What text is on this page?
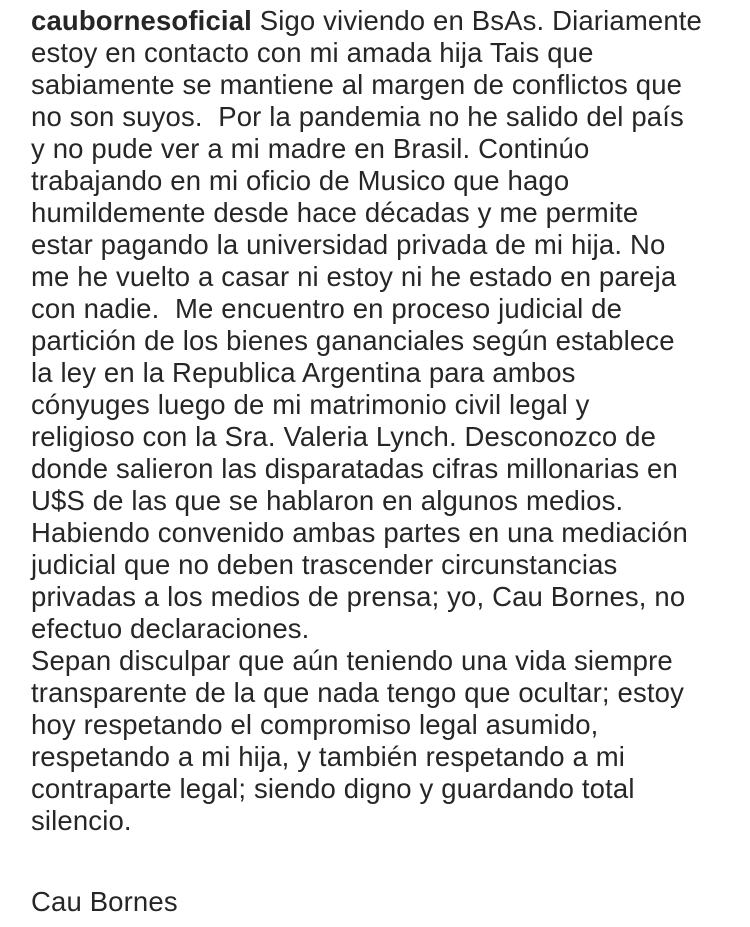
caubornesoficial Sigo viviendo en BsAs. Diariamente
estoy en contacto con mi amada hija Tais que
sabiamente se mantiene al margen de conflictos que
no son suyos.  Por la pandemia no he salido del país
y no pude ver a mi madre en Brasil. Continúo
trabajando en mi oficio de Musico que hago
humildemente desde hace décadas y me permite
estar pagando la universidad privada de mi hija. No
me he vuelto a casar ni estoy ni he estado en pareja
con nadie.  Me encuentro en proceso judicial de
partición de los bienes gananciales según establece
la ley en la Republica Argentina para ambos
cónyuges luego de mi matrimonio civil legal y
religioso con la Sra. Valeria Lynch. Desconozco de
donde salieron las disparatadas cifras millonarias en
U$S de las que se hablaron en algunos medios.
Habiendo convenido ambas partes en una mediación
judicial que no deben trascender circunstancias
privadas a los medios de prensa; yo, Cau Bornes, no
efectuo declaraciones.
Sepan disculpar que aún teniendo una vida siempre
transparente de la que nada tengo que ocultar; estoy
hoy respetando el compromiso legal asumido,
respetando a mi hija, y también respetando a mi
contraparte legal; siendo digno y guardando total
silencio.
Cau Bornes
